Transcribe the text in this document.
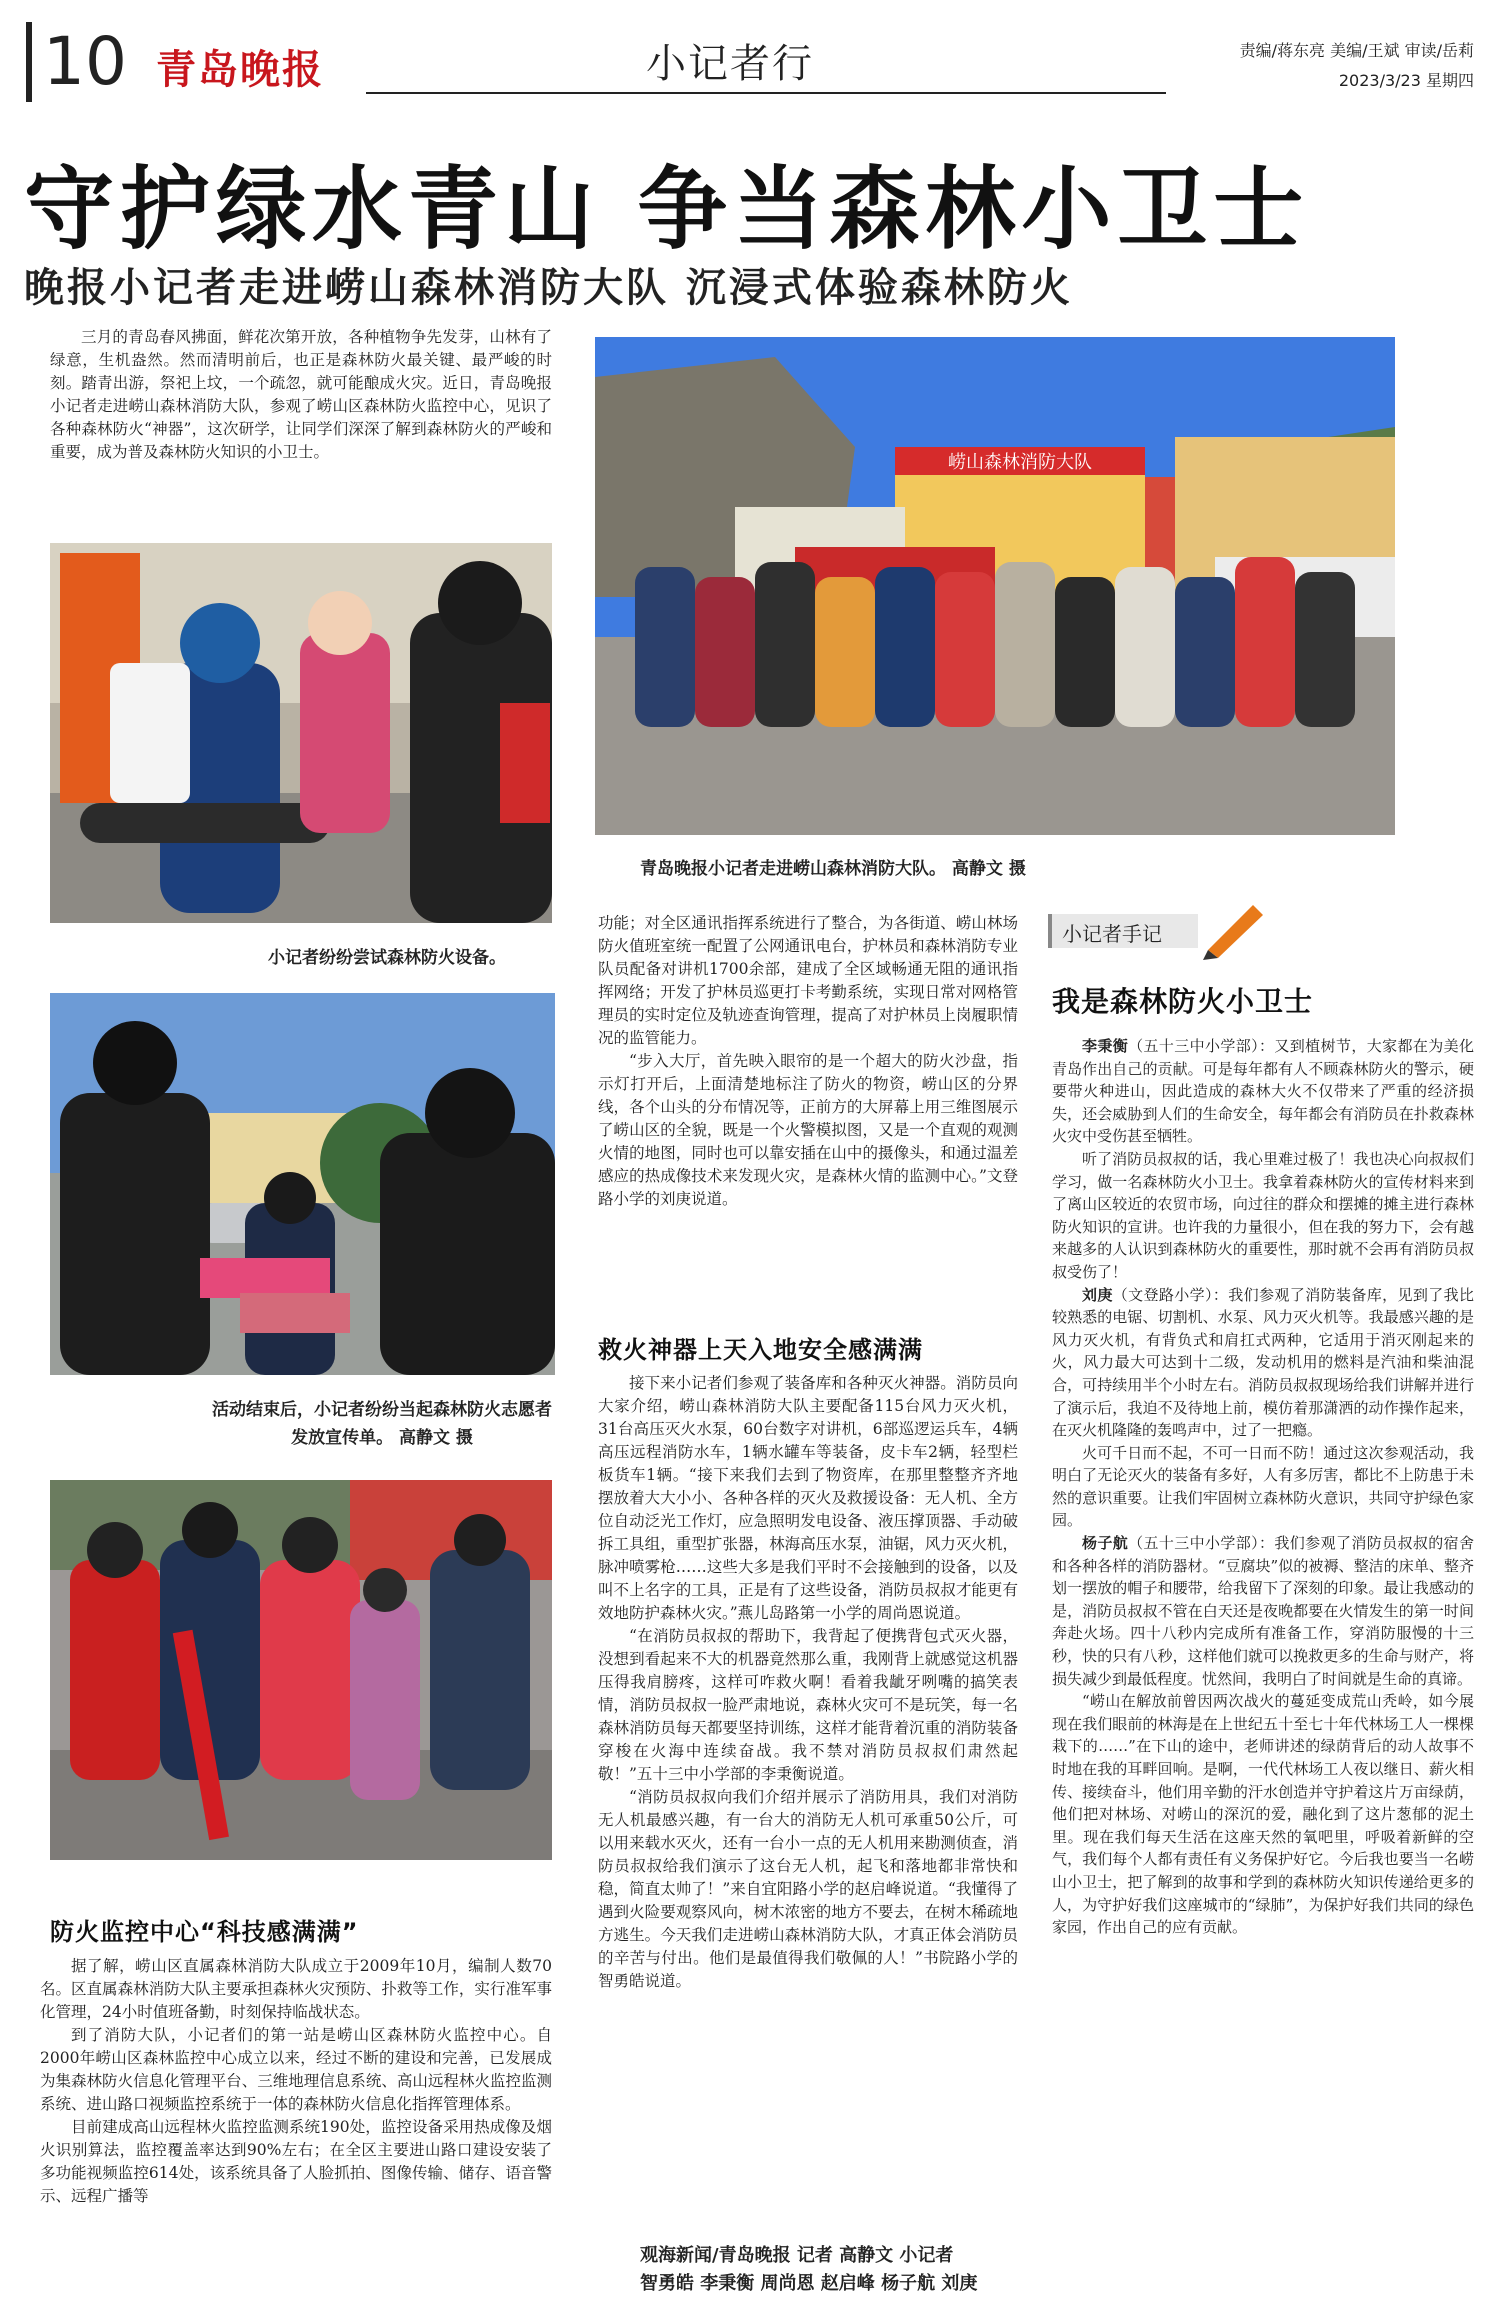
10 青岛晚报	小记者行	责编/蒋东亮 美编/王斌 审读/岳莉
2023/3/23 星期四
守护绿水青山 争当森林小卫士
晚报小记者走进崂山森林消防大队 沉浸式体验森林防火

三月的青岛春风拂面，鲜花次第开放，各种植物争先发芽，山林有了绿意，生机盎然。然而清明前后，也正是森林防火最关键、最严峻的时刻。踏青出游，祭祀上坟，一个疏忽，就可能酿成火灾。近日，青岛晚报小记者走进崂山森林消防大队，参观了崂山区森林防火监控中心，见识了各种森林防火“神器”，这次研学，让同学们深深了解到森林防火的严峻和重要，成为普及森林防火知识的小卫士。

小记者纷纷尝试森林防火设备。
活动结束后，小记者纷纷当起森林防火志愿者发放宣传单。 高静文 摄
防火监控中心“科技感满满”

据了解，崂山区直属森林消防大队成立于2009年10月，编制人数70名。区直属森林消防大队主要承担森林火灾预防、扑救等工作，实行准军事化管理，24小时值班备勤，时刻保持临战状态。

到了消防大队，小记者们的第一站是崂山区森林防火监控中心。自2000年崂山区森林监控中心成立以来，经过不断的建设和完善，已发展成为集森林防火信息化管理平台、三维地理信息系统、高山远程林火监控监测系统、进山路口视频监控系统于一体的森林防火信息化指挥管理体系。

目前建成高山远程林火监控监测系统190处，监控设备采用热成像及烟火识别算法，监控覆盖率达到90%左右；在全区主要进山路口建设安装了多功能视频监控614处，该系统具备了人脸抓拍、图像传输、储存、语音警示、远程广播等

崂山森林消防大队
青岛晚报小记者走进崂山森林消防大队。 高静文 摄

功能；对全区通讯指挥系统进行了整合，为各街道、崂山林场防火值班室统一配置了公网通讯电台，护林员和森林消防专业队员配备对讲机1700余部，建成了全区域畅通无阻的通讯指挥网络；开发了护林员巡更打卡考勤系统，实现日常对网格管理员的实时定位及轨迹查询管理，提高了对护林员上岗履职情况的监管能力。

“步入大厅，首先映入眼帘的是一个超大的防火沙盘，指示灯打开后，上面清楚地标注了防火的物资，崂山区的分界线，各个山头的分布情况等，正前方的大屏幕上用三维图展示了崂山区的全貌，既是一个火警模拟图，又是一个直观的观测火情的地图，同时也可以靠安插在山中的摄像头，和通过温差感应的热成像技术来发现火灾，是森林火情的监测中心。”文登路小学的刘庚说道。

救火神器上天入地安全感满满

接下来小记者们参观了装备库和各种灭火神器。消防员向大家介绍，崂山森林消防大队主要配备115台风力灭火机，31台高压灭火水泵，60台数字对讲机，6部巡逻运兵车，4辆高压远程消防水车，1辆水罐车等装备，皮卡车2辆，轻型栏板货车1辆。“接下来我们去到了物资库，在那里整整齐齐地摆放着大大小小、各种各样的灭火及救援设备：无人机、全方位自动泛光工作灯，应急照明发电设备、液压撑顶器、手动破拆工具组，重型扩张器，林海高压水泵，油锯，风力灭火机，脉冲喷雾枪……这些大多是我们平时不会接触到的设备，以及叫不上名字的工具，正是有了这些设备，消防员叔叔才能更有效地防护森林火灾。”燕儿岛路第一小学的周尚恩说道。

“在消防员叔叔的帮助下，我背起了便携背包式灭火器，没想到看起来不大的机器竟然那么重，我刚背上就感觉这机器压得我肩膀疼，这样可咋救火啊！看着我龇牙咧嘴的搞笑表情，消防员叔叔一脸严肃地说，森林火灾可不是玩笑，每一名森林消防员每天都要坚持训练，这样才能背着沉重的消防装备穿梭在火海中连续奋战。我不禁对消防员叔叔们肃然起敬！”五十三中小学部的李秉衡说道。

“消防员叔叔向我们介绍并展示了消防用具，我们对消防无人机最感兴趣，有一台大的消防无人机可承重50公斤，可以用来载水灭火，还有一台小一点的无人机用来勘测侦查，消防员叔叔给我们演示了这台无人机，起飞和落地都非常快和稳，简直太帅了！”来自宜阳路小学的赵启峰说道。“我懂得了遇到火险要观察风向，树木浓密的地方不要去，在树木稀疏地方逃生。今天我们走进崂山森林消防大队，才真正体会消防员的辛苦与付出。他们是最值得我们敬佩的人！”书院路小学的智勇皓说道。

观海新闻/青岛晚报 记者 高静文 小记者
智勇皓 李秉衡 周尚恩 赵启峰 杨子航 刘庚
小记者手记
我是森林防火小卫士

李秉衡（五十三中小学部）：又到植树节，大家都在为美化青岛作出自己的贡献。可是每年都有人不顾森林防火的警示，硬要带火种进山，因此造成的森林大火不仅带来了严重的经济损失，还会威胁到人们的生命安全，每年都会有消防员在扑救森林火灾中受伤甚至牺牲。

听了消防员叔叔的话，我心里难过极了！我也决心向叔叔们学习，做一名森林防火小卫士。我拿着森林防火的宣传材料来到了离山区较近的农贸市场，向过往的群众和摆摊的摊主进行森林防火知识的宣讲。也许我的力量很小，但在我的努力下，会有越来越多的人认识到森林防火的重要性，那时就不会再有消防员叔叔受伤了！

刘庚（文登路小学）：我们参观了消防装备库，见到了我比较熟悉的电锯、切割机、水泵、风力灭火机等。我最感兴趣的是风力灭火机，有背负式和肩扛式两种，它适用于消灭刚起来的火，风力最大可达到十二级，发动机用的燃料是汽油和柴油混合，可持续用半个小时左右。消防员叔叔现场给我们讲解并进行了演示后，我迫不及待地上前，模仿着那潇洒的动作操作起来，在灭火机隆隆的轰鸣声中，过了一把瘾。

火可千日而不起，不可一日而不防！通过这次参观活动，我明白了无论灭火的装备有多好，人有多厉害，都比不上防患于未然的意识重要。让我们牢固树立森林防火意识，共同守护绿色家园。

杨子航（五十三中小学部）：我们参观了消防员叔叔的宿舍和各种各样的消防器材。“豆腐块”似的被褥、整洁的床单、整齐划一摆放的帽子和腰带，给我留下了深刻的印象。最让我感动的是，消防员叔叔不管在白天还是夜晚都要在火情发生的第一时间奔赴火场。四十八秒内完成所有准备工作，穿消防服慢的十三秒，快的只有八秒，这样他们就可以挽救更多的生命与财产，将损失减少到最低程度。忧然间，我明白了时间就是生命的真谛。

“崂山在解放前曾因两次战火的蔓延变成荒山秃岭，如今展现在我们眼前的林海是在上世纪五十至七十年代林场工人一棵棵栽下的……”在下山的途中，老师讲述的绿荫背后的动人故事不时地在我的耳畔回响。是啊，一代代林场工人夜以继日、薪火相传、接续奋斗，他们用辛勤的汗水创造并守护着这片万亩绿荫，他们把对林场、对崂山的深沉的爱，融化到了这片葱郁的泥土里。现在我们每天生活在这座天然的氧吧里，呼吸着新鲜的空气，我们每个人都有责任有义务保护好它。今后我也要当一名崂山小卫士，把了解到的故事和学到的森林防火知识传递给更多的人，为守护好我们这座城市的“绿肺”，为保护好我们共同的绿色家园，作出自己的应有贡献。
